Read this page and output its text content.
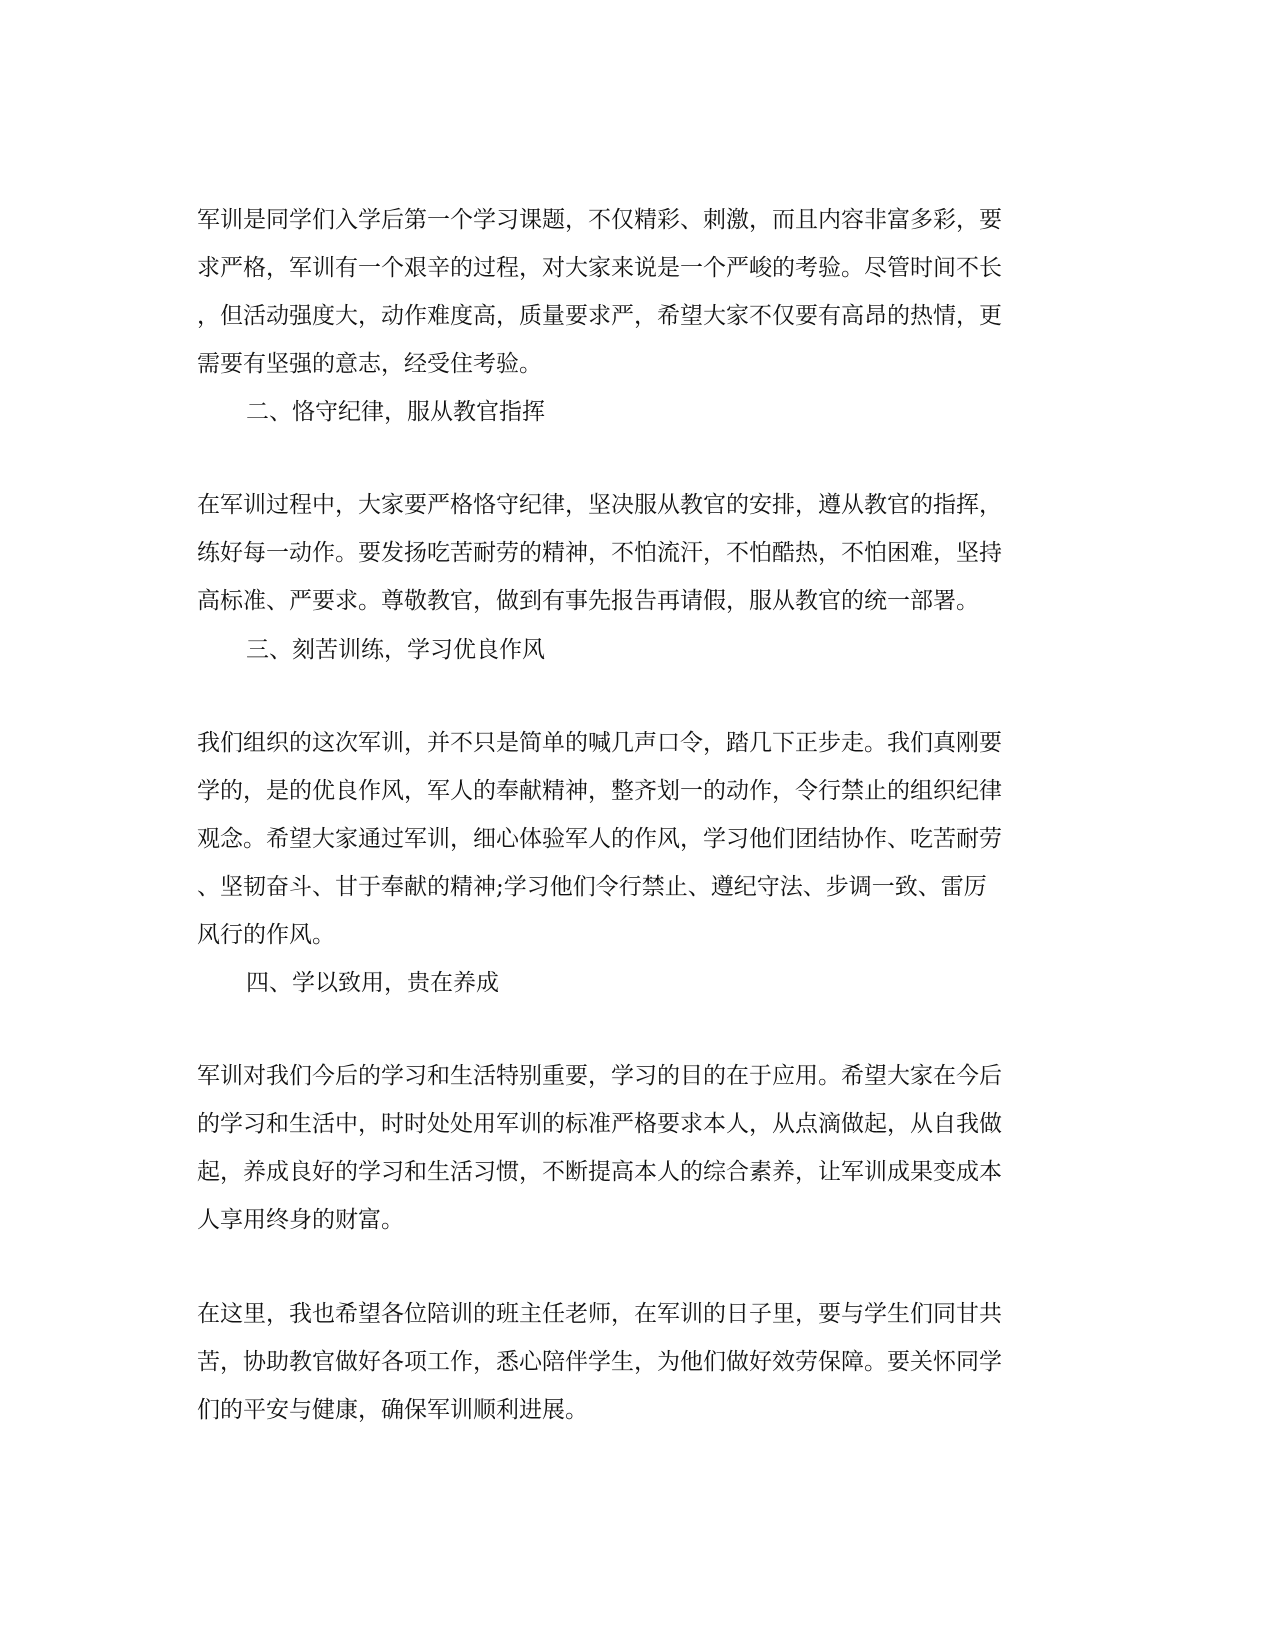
军训是同学们入学后第一个学习课题，不仅精彩、刺激，而且内容非富多彩，要
求严格，军训有一个艰辛的过程，对大家来说是一个严峻的考验。尽管时间不长
，但活动强度大，动作难度高，质量要求严，希望大家不仅要有高昂的热情，更
需要有坚强的意志，经受住考验。
二、恪守纪律，服从教官指挥
在军训过程中，大家要严格恪守纪律，坚决服从教官的安排，遵从教官的指挥，
练好每一动作。要发扬吃苦耐劳的精神，不怕流汗，不怕酷热，不怕困难，坚持
高标准、严要求。尊敬教官，做到有事先报告再请假，服从教官的统一部署。
三、刻苦训练，学习优良作风
我们组织的这次军训，并不只是简单的喊几声口令，踏几下正步走。我们真刚要
学的，是的优良作风，军人的奉献精神，整齐划一的动作，令行禁止的组织纪律
观念。希望大家通过军训，细心体验军人的作风，学习他们团结协作、吃苦耐劳
、坚韧奋斗、甘于奉献的精神;学习他们令行禁止、遵纪守法、步调一致、雷厉
风行的作风。
四、学以致用，贵在养成
军训对我们今后的学习和生活特别重要，学习的目的在于应用。希望大家在今后
的学习和生活中，时时处处用军训的标准严格要求本人，从点滴做起，从自我做
起，养成良好的学习和生活习惯，不断提高本人的综合素养，让军训成果变成本
人享用终身的财富。
在这里，我也希望各位陪训的班主任老师，在军训的日子里，要与学生们同甘共
苦，协助教官做好各项工作，悉心陪伴学生，为他们做好效劳保障。要关怀同学
们的平安与健康，确保军训顺利进展。
